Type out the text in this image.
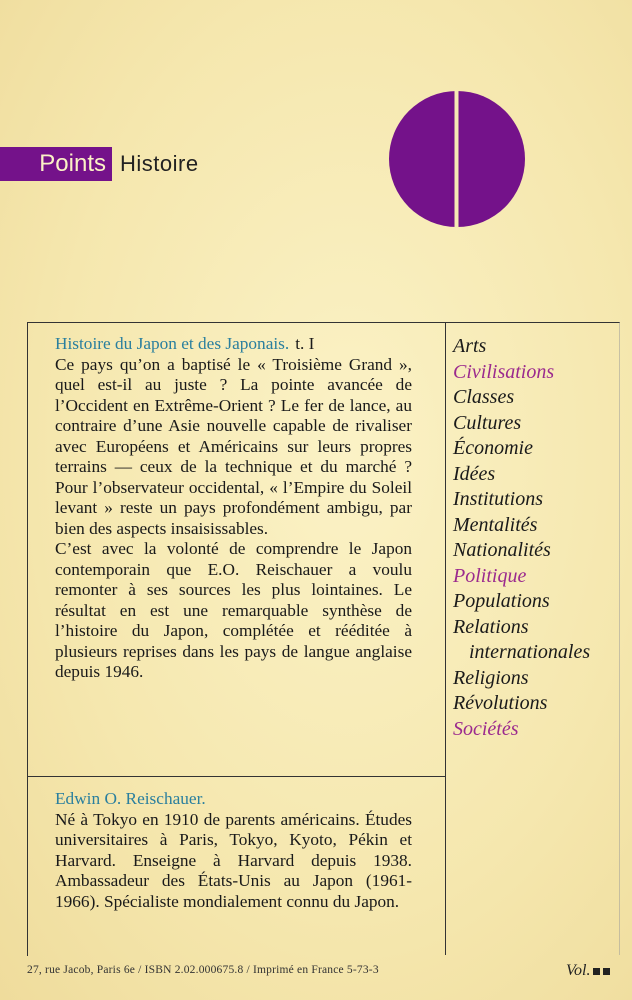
Points Histoire

Histoire du Japon et des Japonais. t. I

Ce pays qu’on a baptisé le « Troisième Grand », quel est-il au juste ? La pointe avancée de l’Occident en Extrême-Orient ? Le fer de lance, au contraire d’une Asie nouvelle capable de rivaliser avec Européens et Américains sur leurs propres terrains — ceux de la technique et du marché ? Pour l’observateur occidental, « l’Empire du Soleil levant » reste un pays profondément ambigu, par bien des aspects insaisissables.

C’est avec la volonté de comprendre le Japon contemporain que E.O. Reischauer a voulu remonter à ses sources les plus lointaines. Le résultat en est une remarquable synthèse de l’histoire du Japon, complétée et rééditée à plusieurs reprises dans les pays de langue anglaise depuis 1946.

Edwin O. Reischauer.

Né à Tokyo en 1910 de parents américains. Études universitaires à Paris, Tokyo, Kyoto, Pékin et Harvard. Enseigne à Harvard depuis 1938. Ambassadeur des États-Unis au Japon (1961-1966). Spécialiste mondialement connu du Japon.

Arts
Civilisations
Classes
Cultures
Économie
Idées
Institutions
Mentalités
Nationalités
Politique
Populations
Relations
internationales
Religions
Révolutions
Sociétés
27, rue Jacob, Paris 6e / ISBN 2.02.000675.8 / Imprimé en France 5-73-3	Vol.
